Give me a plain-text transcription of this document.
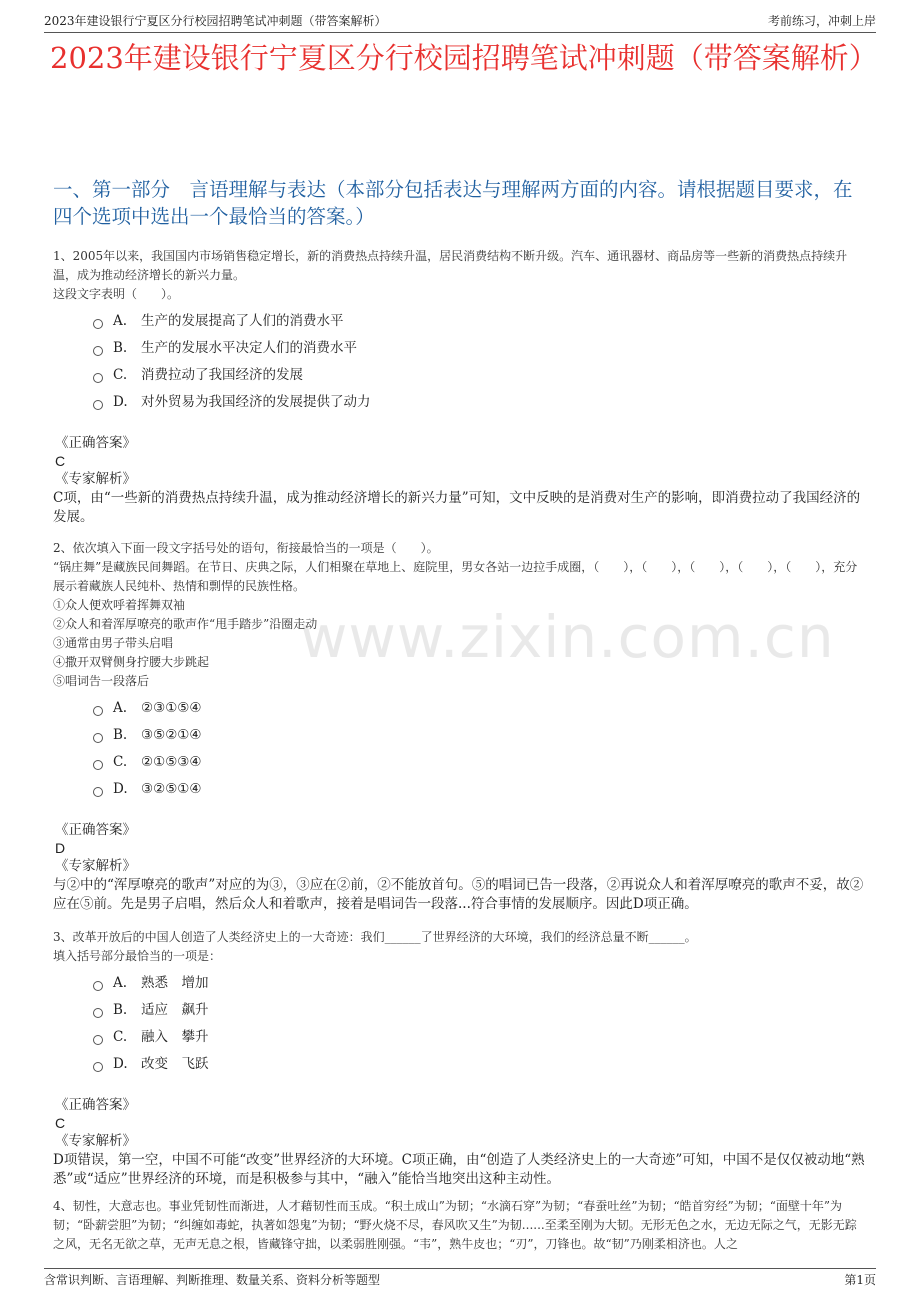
2023年建设银行宁夏区分行校园招聘笔试冲刺题（带答案解析）	考前练习，冲刺上岸
2023年建设银行宁夏区分行校园招聘笔试冲刺题（带答案解析）
一、第一部分　言语理解与表达（本部分包括表达与理解两方面的内容。请根据题目要求，在四个选项中选出一个最恰当的答案。）
www.zixin.com.cn

1、2005年以来，我国国内市场销售稳定增长，新的消费热点持续升温，居民消费结构不断升级。汽车、通讯器材、商品房等一些新的消费热点持续升温，成为推动经济增长的新兴力量。

这段文字表明（　　）。

A.	生产的发展提高了人们的消费水平
B.	生产的发展水平决定人们的消费水平
C.	消费拉动了我国经济的发展
D. 对外贸易为我国经济的发展提供了动力
《正确答案》
C
《专家解析》
C项，由“一些新的消费热点持续升温，成为推动经济增长的新兴力量”可知，文中反映的是消费对生产的影响，即消费拉动了我国经济的发展。

2、依次填入下面一段文字括号处的语句，衔接最恰当的一项是（　　）。

“锅庄舞”是藏族民间舞蹈。在节日、庆典之际，人们相聚在草地上、庭院里，男女各站一边拉手成圈，（　　），（　　），（　　），（　　），（　　），充分展示着藏族人民纯朴、热情和剽悍的民族性格。

①众人便欢呼着挥舞双袖

②众人和着浑厚嘹亮的歌声作“甩手踏步”沿圈走动

③通常由男子带头启唱

④撒开双臂侧身拧腰大步跳起

⑤唱词告一段落后

A.	②③①⑤④
B.	③⑤②①④
C.	②①⑤③④
D. ③②⑤①④
《正确答案》
D
《专家解析》
与②中的“浑厚嘹亮的歌声”对应的为③，③应在②前，②不能放首句。⑤的唱词已告一段落，②再说众人和着浑厚嘹亮的歌声不妥，故②应在⑤前。先是男子启唱，然后众人和着歌声，接着是唱词告一段落...符合事情的发展顺序。因此D项正确。

3、改革开放后的中国人创造了人类经济史上的一大奇迹：我们______了世界经济的大环境，我们的经济总量不断______。

填入括号部分最恰当的一项是：

A.	熟悉　增加
B.	适应　飙升
C.	融入　攀升
D. 改变　飞跃
《正确答案》
C
《专家解析》
D项错误，第一空，中国不可能“改变”世界经济的大环境。C项正确，由“创造了人类经济史上的一大奇迹”可知，中国不是仅仅被动地“熟悉”或“适应”世界经济的环境，而是积极参与其中，“融入”能恰当地突出这种主动性。

4、韧性，大意志也。事业凭韧性而渐进，人才藉韧性而玉成。“积土成山”为韧；“水滴石穿”为韧；“春蚕吐丝”为韧；“皓首穷经”为韧；“面壁十年”为韧；“卧薪尝胆”为韧；“纠缠如毒蛇，执著如怨鬼”为韧；“野火烧不尽，春风吹又生”为韧......至柔至刚为大韧。无形无色之水，无边无际之气，无影无踪之风，无名无欲之草，无声无息之根，皆藏锋守拙，以柔弱胜刚强。“韦”，熟牛皮也；“刃”，刀锋也。故“韧”乃刚柔相济也。人之

含常识判断、言语理解、判断推理、数量关系、资料分析等题型	第1页
